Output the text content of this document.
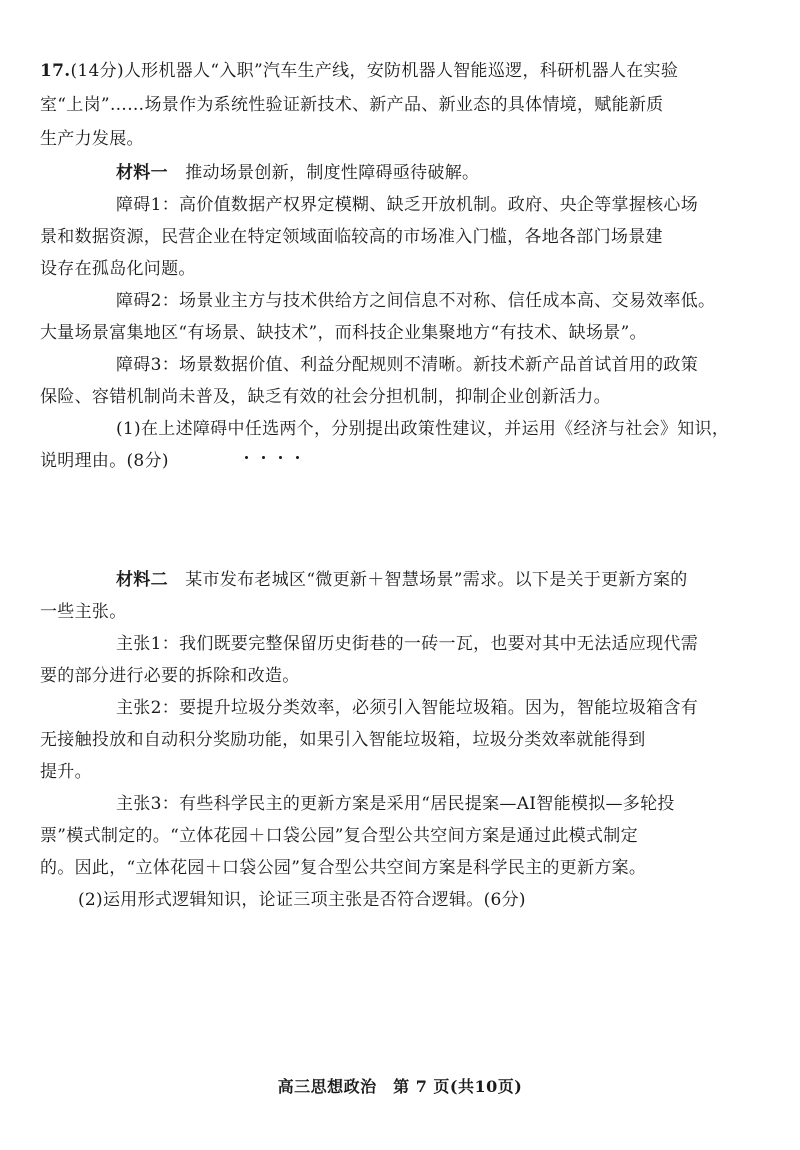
17.(14分)人形机器人“入职”汽车生产线，安防机器人智能巡逻，科研机器人在实验
室“上岗”……场景作为系统性验证新技术、新产品、新业态的具体情境，赋能新质
生产力发展。
材料一　 推动场景创新，制度性障碍亟待破解。
障碍1：高价值数据产权界定模糊、缺乏开放机制。政府、央企等掌握核心场
景和数据资源，民营企业在特定领域面临较高的市场准入门槛，各地各部门场景建
设存在孤岛化问题。
障碍2：场景业主方与技术供给方之间信息不对称、信任成本高、交易效率低。
大量场景富集地区“有场景、缺技术”，而科技企业集聚地方“有技术、缺场景”。
障碍3：场景数据价值、利益分配规则不清晰。新技术新产品首试首用的政策
保险、容错机制尚未普及，缺乏有效的社会分担机制，抑制企业创新活力。
(1)在上述障碍中任选两个
，分别提出政策性建议，并运用《经济与社会》知识，
说明理由。(8分)
材料二　 某市发布老城区“微更新＋智慧场景”需求。以下是关于更新方案的
一些主张。
主张1：我们既要完整保留历史街巷的一砖一瓦，也要对其中无法适应现代需
要的部分进行必要的拆除和改造。
主张2：要提升垃圾分类效率，必须引入智能垃圾箱。因为，智能垃圾箱含有
无接触投放和自动积分奖励功能，如果引入智能垃圾箱，垃圾分类效率就能得到
提升。
主张3：有些科学民主的更新方案是采用“居民提案—AI智能模拟—多轮投
票”模式制定的。“立体花园＋口袋公园”复合型公共空间方案是通过此模式制定
的。因此，“立体花园＋口袋公园”复合型公共空间方案是科学民主的更新方案。
(2)运用形式逻辑知识，论证三项主张是否符合逻辑。(6分)
高三思想政治　第 7 页(共10页)
